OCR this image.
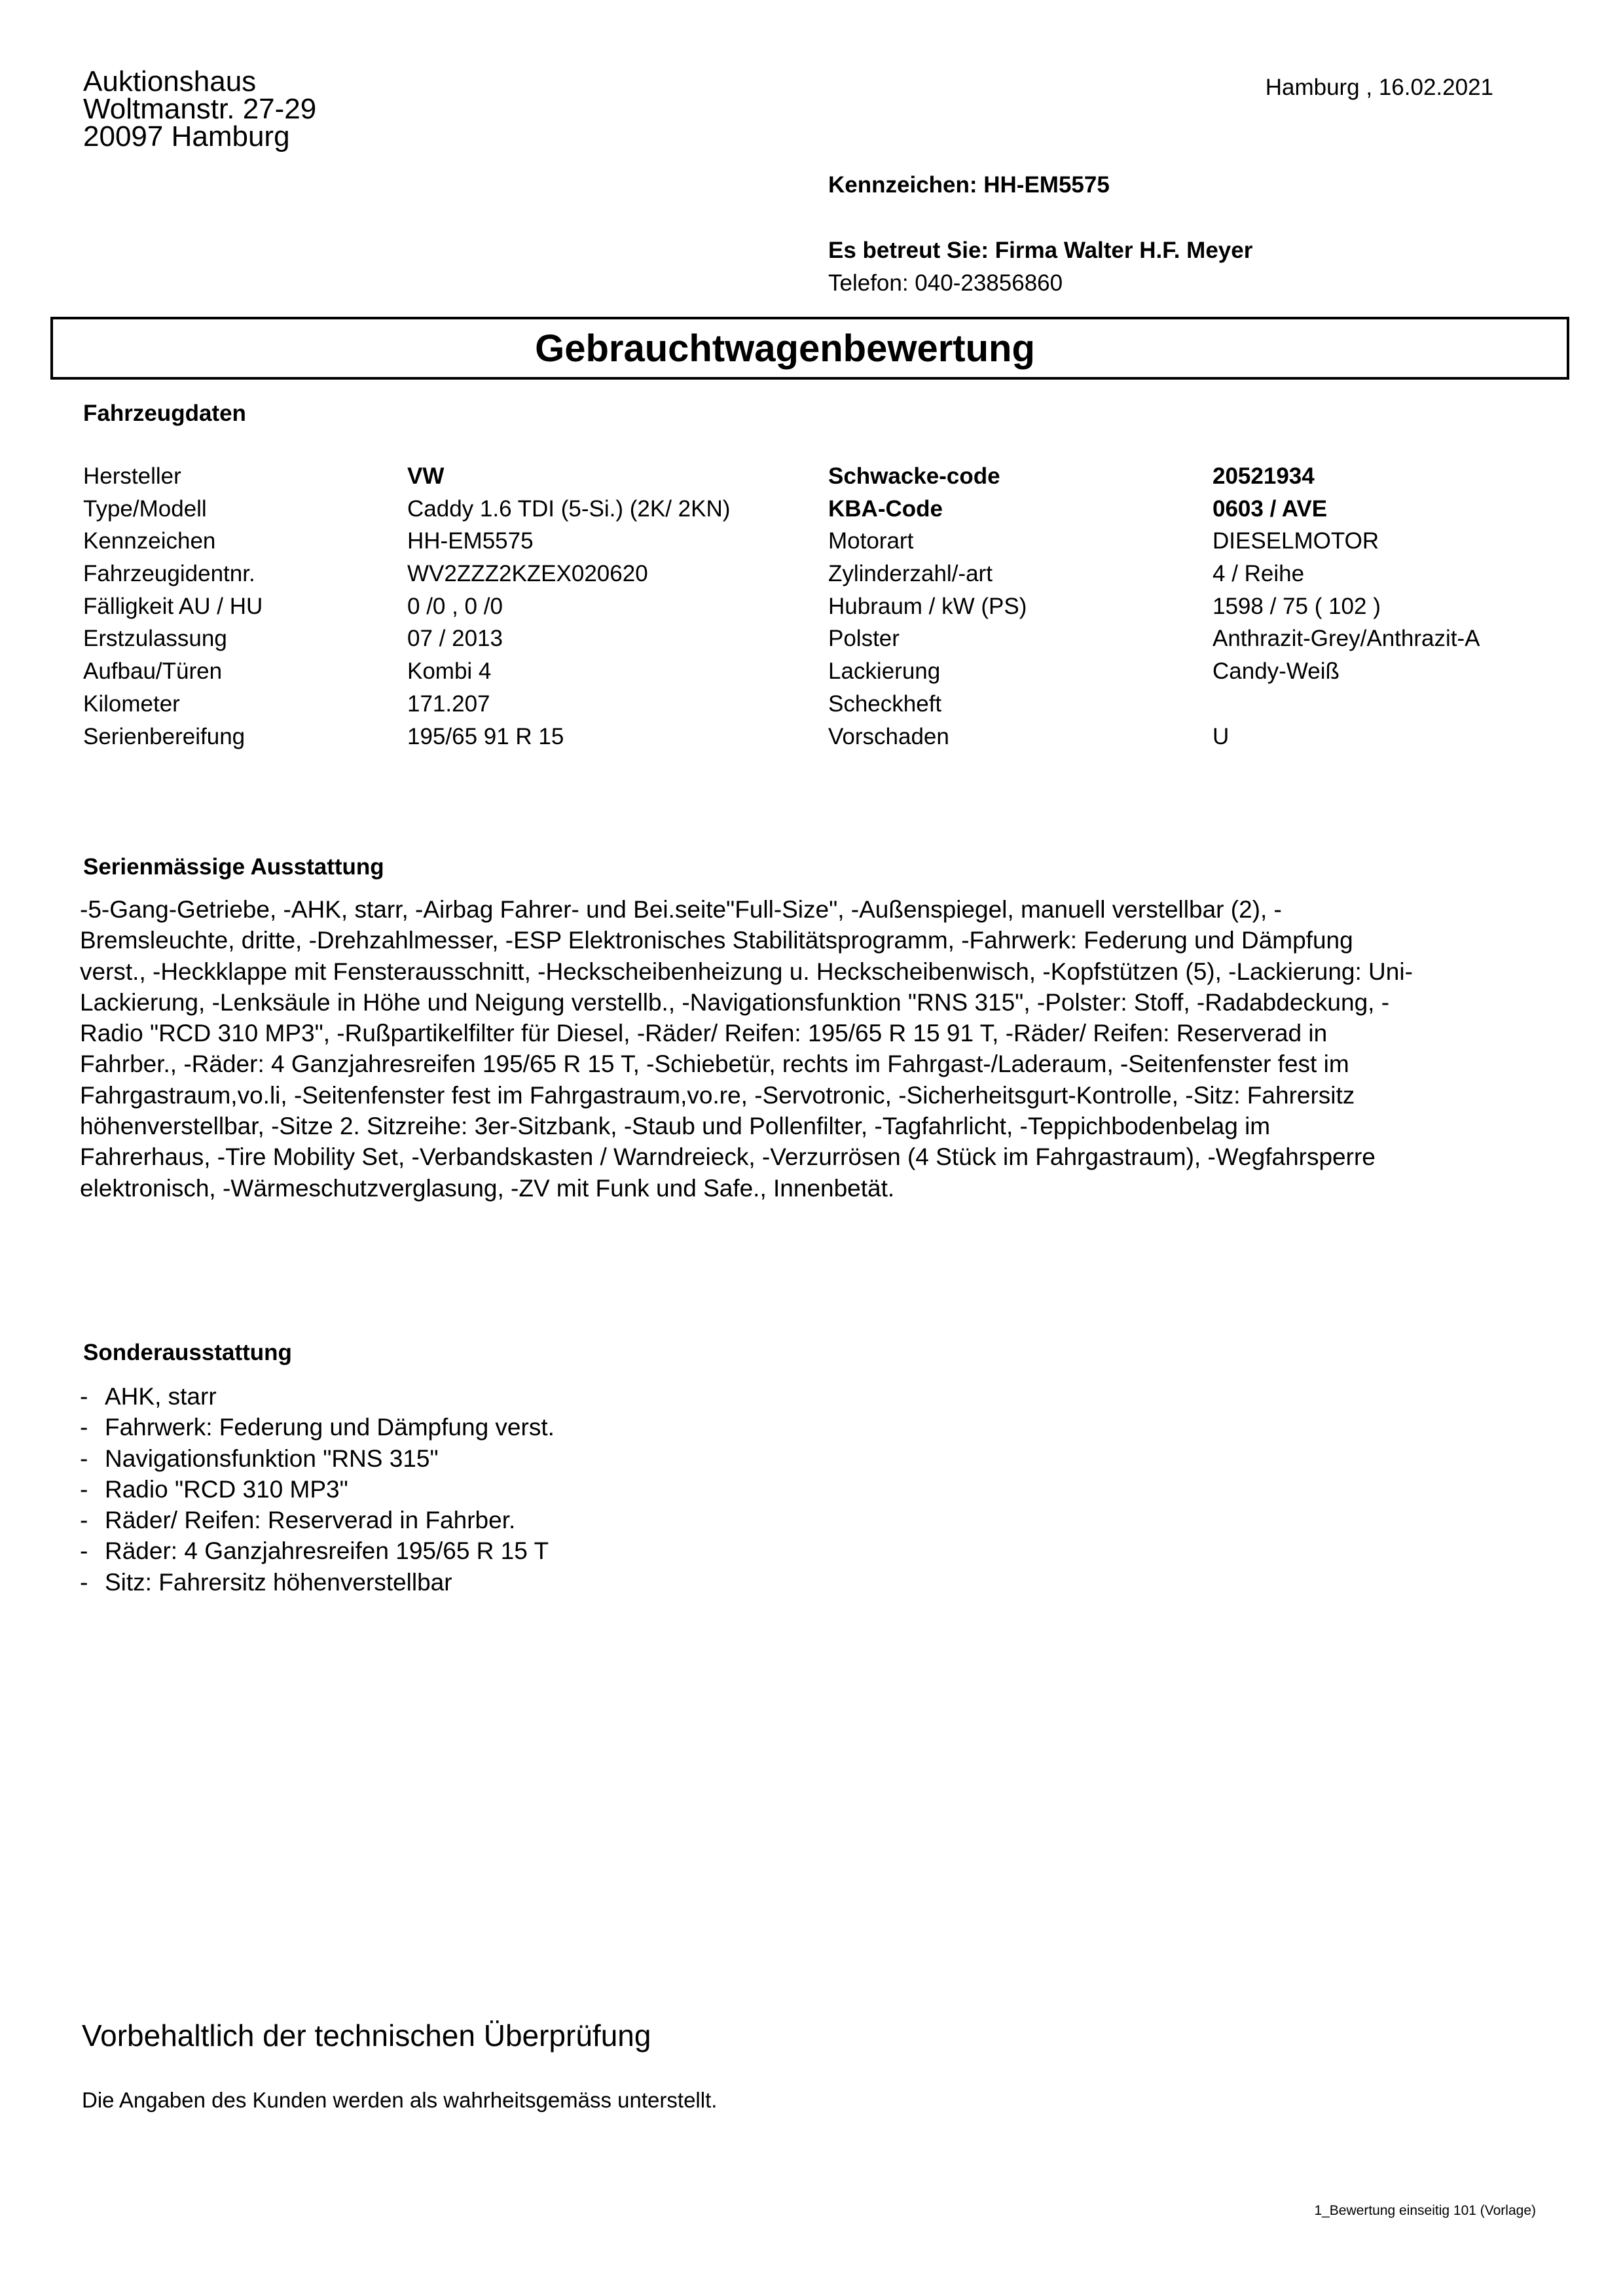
Auktionshaus
Woltmanstr. 27-29
20097 Hamburg
Hamburg , 16.02.2021
Kennzeichen: HH-EM5575
Es betreut Sie: Firma Walter H.F. Meyer
Telefon: 040-23856860
Gebrauchtwagenbewertung
Fahrzeugdaten
Hersteller	VW	Schwacke-code	20521934
Type/Modell	Caddy 1.6 TDI (5-Si.) (2K/ 2KN)	KBA-Code	0603 / AVE
Kennzeichen	HH-EM5575	Motorart	DIESELMOTOR
Fahrzeugidentnr.	WV2ZZZ2KZEX020620	Zylinderzahl/-art	4 / Reihe
Fälligkeit AU / HU	0 /0 , 0 /0	Hubraum / kW (PS)	1598 / 75 ( 102 )
Erstzulassung	07 / 2013	Polster	Anthrazit-Grey/Anthrazit-A
Aufbau/Türen	Kombi 4	Lackierung	Candy-Weiß
Kilometer	171.207	Scheckheft
Serienbereifung	195/65 91 R 15	Vorschaden	U
Serienmässige Ausstattung
-5-Gang-Getriebe, -AHK, starr, -Airbag Fahrer- und Bei.seite"Full-Size", -Außenspiegel, manuell verstellbar (2), -
Bremsleuchte, dritte, -Drehzahlmesser, -ESP Elektronisches Stabilitätsprogramm, -Fahrwerk: Federung und Dämpfung
verst., -Heckklappe mit Fensterausschnitt, -Heckscheibenheizung u. Heckscheibenwisch, -Kopfstützen (5), -Lackierung: Uni-
Lackierung, -Lenksäule in Höhe und Neigung verstellb., -Navigationsfunktion "RNS 315", -Polster: Stoff, -Radabdeckung, -
Radio "RCD 310 MP3", -Rußpartikelfilter für Diesel, -Räder/ Reifen: 195/65 R 15 91 T, -Räder/ Reifen: Reserverad in
Fahrber., -Räder: 4 Ganzjahresreifen 195/65 R 15 T, -Schiebetür, rechts im Fahrgast-/Laderaum, -Seitenfenster fest im
Fahrgastraum,vo.li, -Seitenfenster fest im Fahrgastraum,vo.re, -Servotronic, -Sicherheitsgurt-Kontrolle, -Sitz: Fahrersitz
höhenverstellbar, -Sitze 2. Sitzreihe: 3er-Sitzbank, -Staub und Pollenfilter, -Tagfahrlicht, -Teppichbodenbelag im
Fahrerhaus, -Tire Mobility Set, -Verbandskasten / Warndreieck, -Verzurrösen (4 Stück im Fahrgastraum), -Wegfahrsperre
elektronisch, -Wärmeschutzverglasung, -ZV mit Funk und Safe., Innenbetät.
Sonderausstattung
- AHK, starr
- Fahrwerk: Federung und Dämpfung verst.
- Navigationsfunktion "RNS 315"
- Radio "RCD 310 MP3"
- Räder/ Reifen: Reserverad in Fahrber.
- Räder: 4 Ganzjahresreifen 195/65 R 15 T
- Sitz: Fahrersitz höhenverstellbar
Vorbehaltlich der technischen Überprüfung
Die Angaben des Kunden werden als wahrheitsgemäss unterstellt.
1_Bewertung einseitig 101 (Vorlage)
